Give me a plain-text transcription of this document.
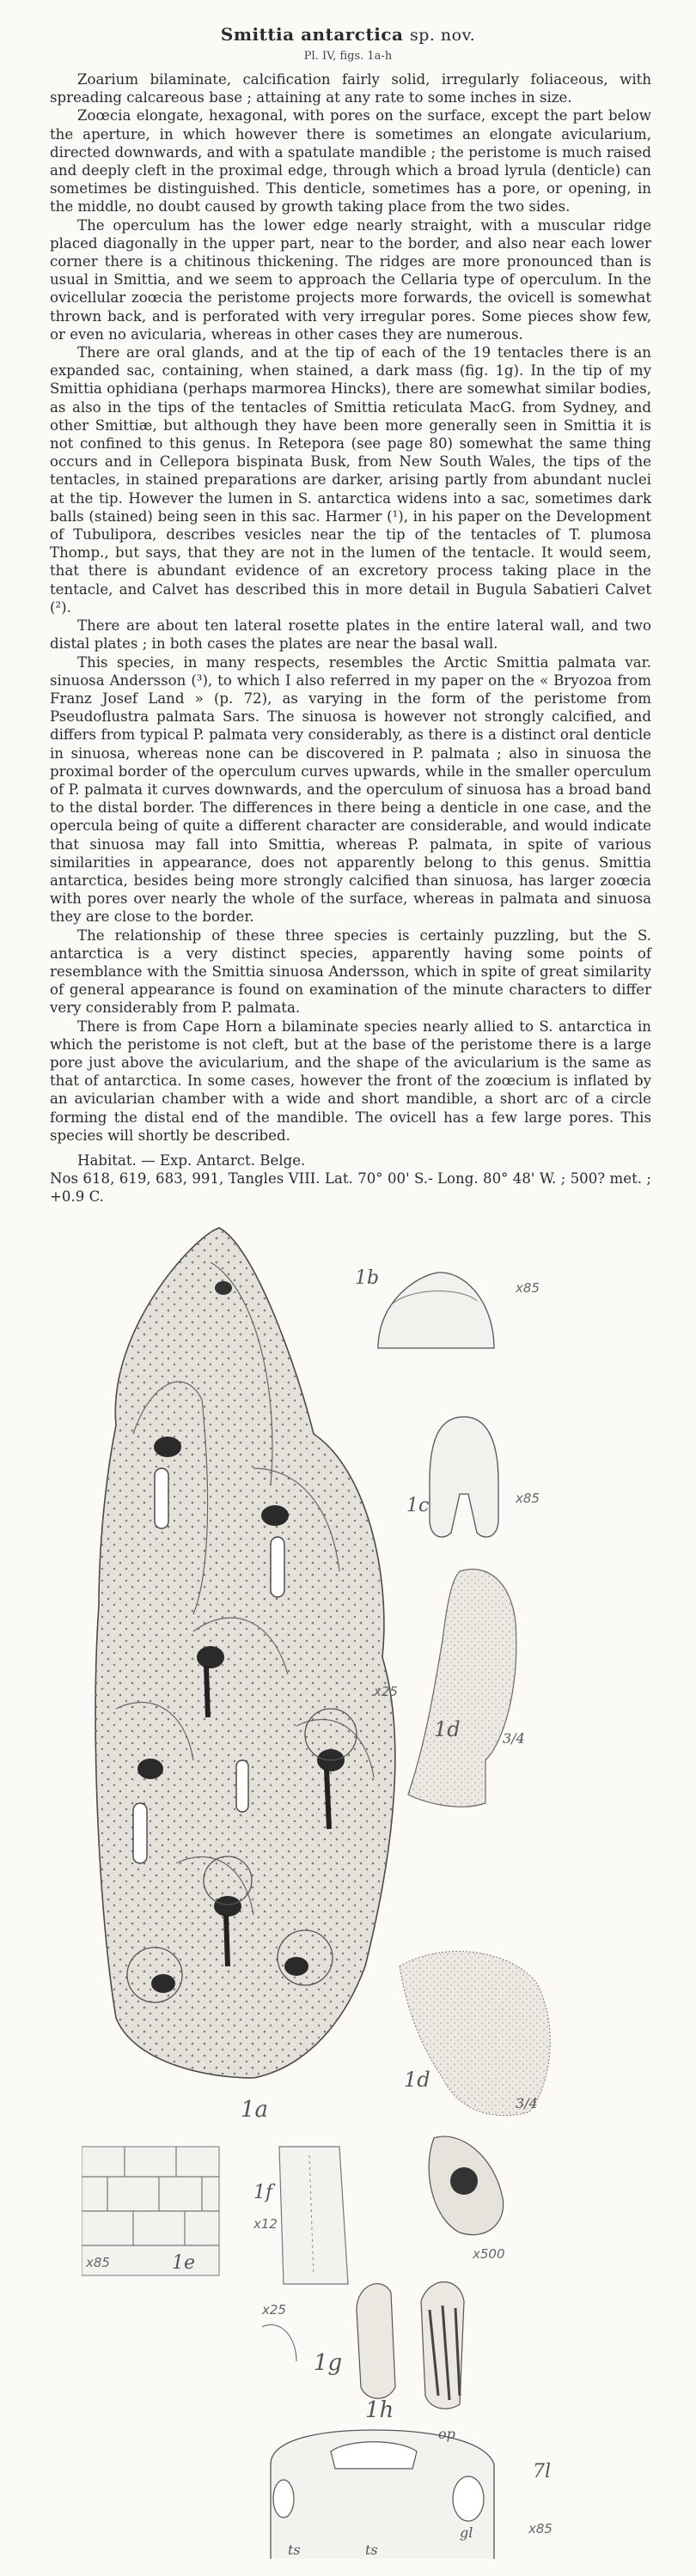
Smittia antarctica sp. nov.
Pl. IV, figs. 1a-h

Zoarium bilaminate, calcification fairly solid, irregularly foliaceous, with spreading calcareous base ; attaining at any rate to some inches in size.

Zoœcia elongate, hexagonal, with pores on the surface, except the part below the aperture, in which however there is sometimes an elongate avicularium, directed downwards, and with a spatulate mandible ; the peristome is much raised and deeply cleft in the proximal edge, through which a broad lyrula (denticle) can sometimes be distinguished. This denticle, sometimes has a pore, or opening, in the middle, no doubt caused by growth taking place from the two sides.

The operculum has the lower edge nearly straight, with a muscular ridge placed diagonally in the upper part, near to the border, and also near each lower corner there is a chitinous thickening. The ridges are more pronounced than is usual in Smittia, and we seem to approach the Cellaria type of operculum. In the ovicellular zoœcia the peristome projects more forwards, the ovicell is somewhat thrown back, and is perforated with very irregular pores. Some pieces show few, or even no avicularia, whereas in other cases they are numerous.

There are oral glands, and at the tip of each of the 19 tentacles there is an expanded sac, containing, when stained, a dark mass (fig. 1g). In the tip of my Smittia ophidiana (perhaps marmorea Hincks), there are somewhat similar bodies, as also in the tips of the tentacles of Smittia reticulata MacG. from Sydney, and other Smittiæ, but although they have been more generally seen in Smittia it is not confined to this genus. In Retepora (see page 80) somewhat the same thing occurs and in Cellepora bispinata Busk, from New South Wales, the tips of the tentacles, in stained preparations are darker, arising partly from abundant nuclei at the tip. However the lumen in S. antarctica widens into a sac, sometimes dark balls (stained) being seen in this sac. Harmer (¹), in his paper on the Development of Tubulipora, describes vesicles near the tip of the tentacles of T. plumosa Thomp., but says, that they are not in the lumen of the tentacle. It would seem, that there is abundant evidence of an excretory process taking place in the tentacle, and Calvet has described this in more detail in Bugula Sabatieri Calvet (²).

There are about ten lateral rosette plates in the entire lateral wall, and two distal plates ; in both cases the plates are near the basal wall.

This species, in many respects, resembles the Arctic Smittia palmata var. sinuosa Andersson (³), to which I also referred in my paper on the « Bryozoa from Franz Josef Land » (p. 72), as varying in the form of the peristome from Pseudoflustra palmata Sars. The sinuosa is however not strongly calcified, and differs from typical P. palmata very considerably, as there is a distinct oral denticle in sinuosa, whereas none can be discovered in P. palmata ; also in sinuosa the proximal border of the operculum curves upwards, while in the smaller operculum of P. palmata it curves downwards, and the operculum of sinuosa has a broad band to the distal border. The differences in there being a denticle in one case, and the opercula being of quite a different character are considerable, and would indicate that sinuosa may fall into Smittia, whereas P. palmata, in spite of various similarities in appearance, does not apparently belong to this genus. Smittia antarctica, besides being more strongly calcified than sinuosa, has larger zoœcia with pores over nearly the whole of the surface, whereas in palmata and sinuosa they are close to the border.

The relationship of these three species is certainly puzzling, but the S. antarctica is a very distinct species, apparently having some points of resemblance with the Smittia sinuosa Andersson, which in spite of great similarity of general appearance is found on examination of the minute characters to differ very considerably from P. palmata.

There is from Cape Horn a bilaminate species nearly allied to S. antarctica in which the peristome is not cleft, but at the base of the peristome there is a large pore just above the avicularium, and the shape of the avicularium is the same as that of antarctica. In some cases, however the front of the zoœcium is inflated by an avicularian chamber with a wide and short mandible, a short arc of a circle forming the distal end of the mandible. The ovicell has a few large pores. This species will shortly be described.

Habitat. — Exp. Antarct. Belge.

Nos 618, 619, 683, 991, Tangles VIII. Lat. 70° 00' S.- Long. 80° 48' W. ; 500? met. ; +0.9 C.

1a
1b	x85
1c	x85
x25
1d	3/4
1d
3/4
x85	1e
1f
x12
x500
x25
1g
1h
op
gl
ts	ts
7l
x85
